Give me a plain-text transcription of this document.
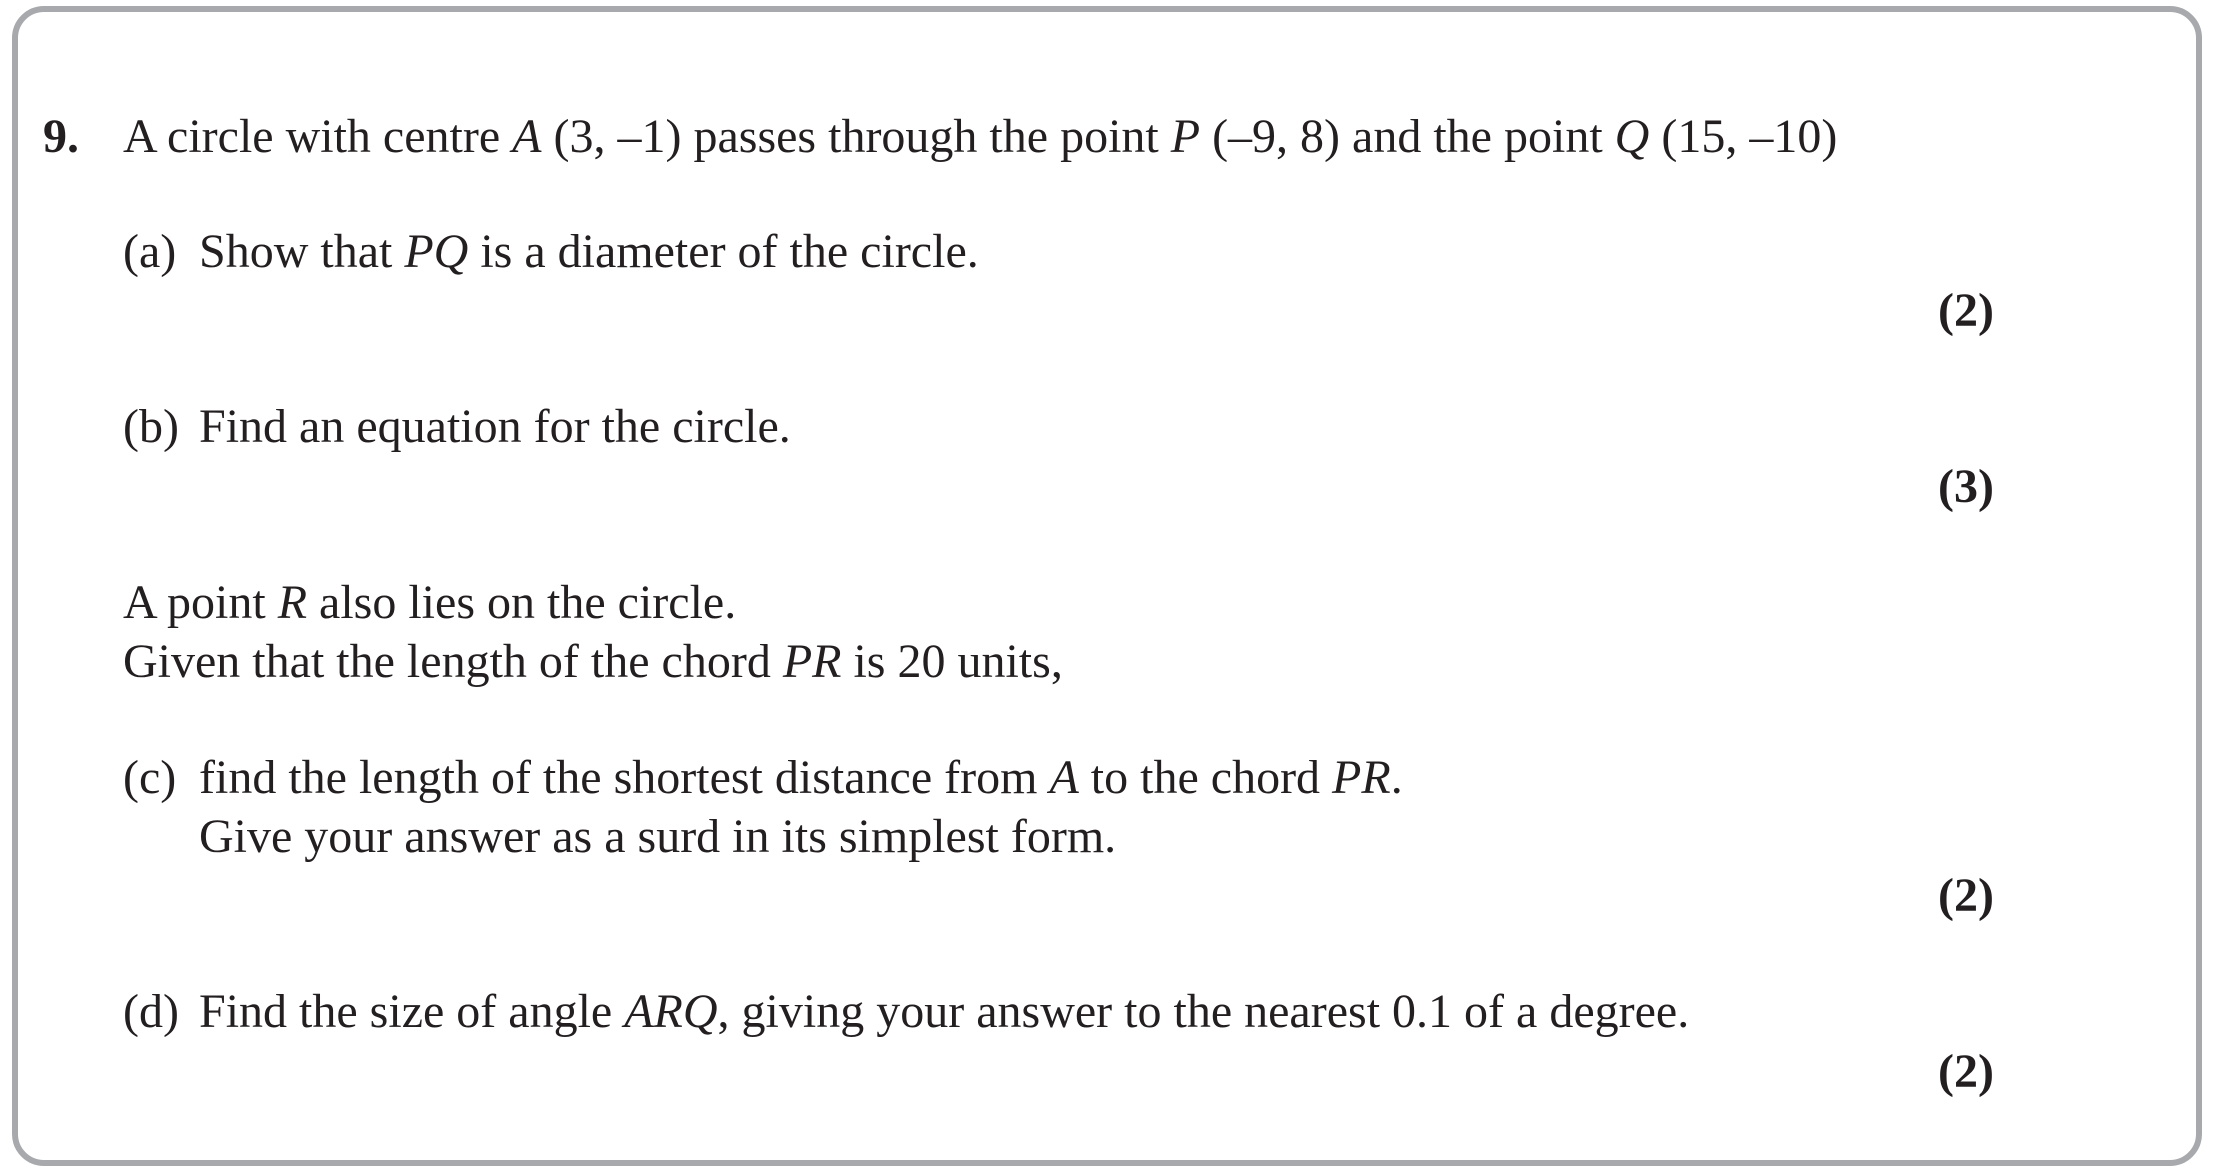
9. A circle with centre A (3, –1) passes through the point P (–9, 8) and the point Q (15, –10)
(a) Show that PQ is a diameter of the circle.
(2)
(b) Find an equation for the circle.
(3)
A point R also lies on the circle.
Given that the length of the chord PR is 20 units,
(c) find the length of the shortest distance from A to the chord PR.
Give your answer as a surd in its simplest form.
(2)
(d) Find the size of angle ARQ, giving your answer to the nearest 0.1 of a degree.
(2)
